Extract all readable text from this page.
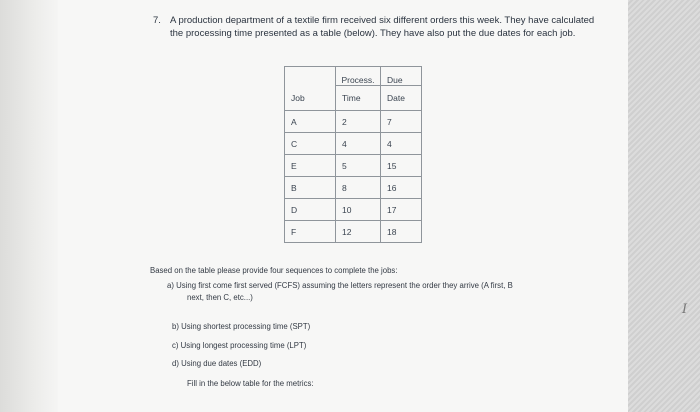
7. A production department of a textile firm received six different orders this week. They have calculated the processing time presented as a table (below). They have also put the due dates for each job.
	Process.	Due
Job	Time	Date
A	2	7
C	4	4
E	5	15
B	8	16
D	10	17
F	12	18
Based on the table please provide four sequences to complete the jobs:
a) Using first come first served (FCFS) assuming the letters represent the order they arrive (A first, B
next, then C, etc...)
b) Using shortest processing time (SPT)
c) Using longest processing time (LPT)
d) Using due dates (EDD)
Fill in the below table for the metrics:
I
